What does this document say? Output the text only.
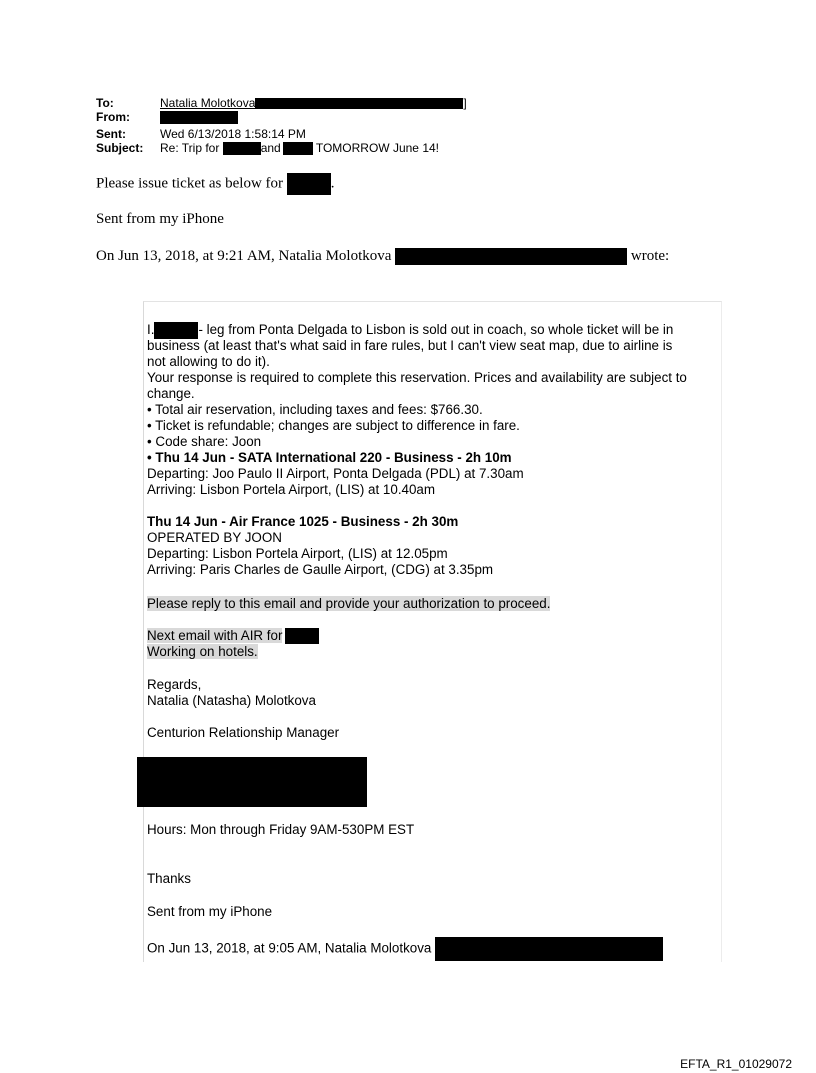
To:	Natalia Molotkova	]
From:
Sent:	Wed 6/13/2018 1:58:14 PM
Subject: Re: Trip for	and	TOMORROW June 14!
Please issue ticket as below for	.
Sent from my iPhone
On Jun 13, 2018, at 9:21 AM, Natalia Molotkova	wrote:
I.	- leg from Ponta Delgada to Lisbon is sold out in coach, so whole ticket will be in
business (at least that's what said in fare rules, but I can't view seat map, due to airline is
not allowing to do it).
Your response is required to complete this reservation. Prices and availability are subject to
change.
• Total air reservation, including taxes and fees: $766.30.
• Ticket is refundable; changes are subject to difference in fare.
• Code share: Joon
• Thu 14 Jun - SATA International 220 - Business - 2h 10m
Departing: Joo Paulo II Airport, Ponta Delgada (PDL) at 7.30am
Arriving: Lisbon Portela Airport, (LIS) at 10.40am
Thu 14 Jun - Air France 1025 - Business - 2h 30m
OPERATED BY JOON
Departing: Lisbon Portela Airport, (LIS) at 12.05pm
Arriving: Paris Charles de Gaulle Airport, (CDG) at 3.35pm
Please reply to this email and provide your authorization to proceed.
Next email with AIR for
Working on hotels.
Regards,
Natalia (Natasha) Molotkova
Centurion Relationship Manager
Hours: Mon through Friday 9AM-530PM EST
Thanks
Sent from my iPhone
On Jun 13, 2018, at 9:05 AM, Natalia Molotkova
EFTA_R1_01029072
